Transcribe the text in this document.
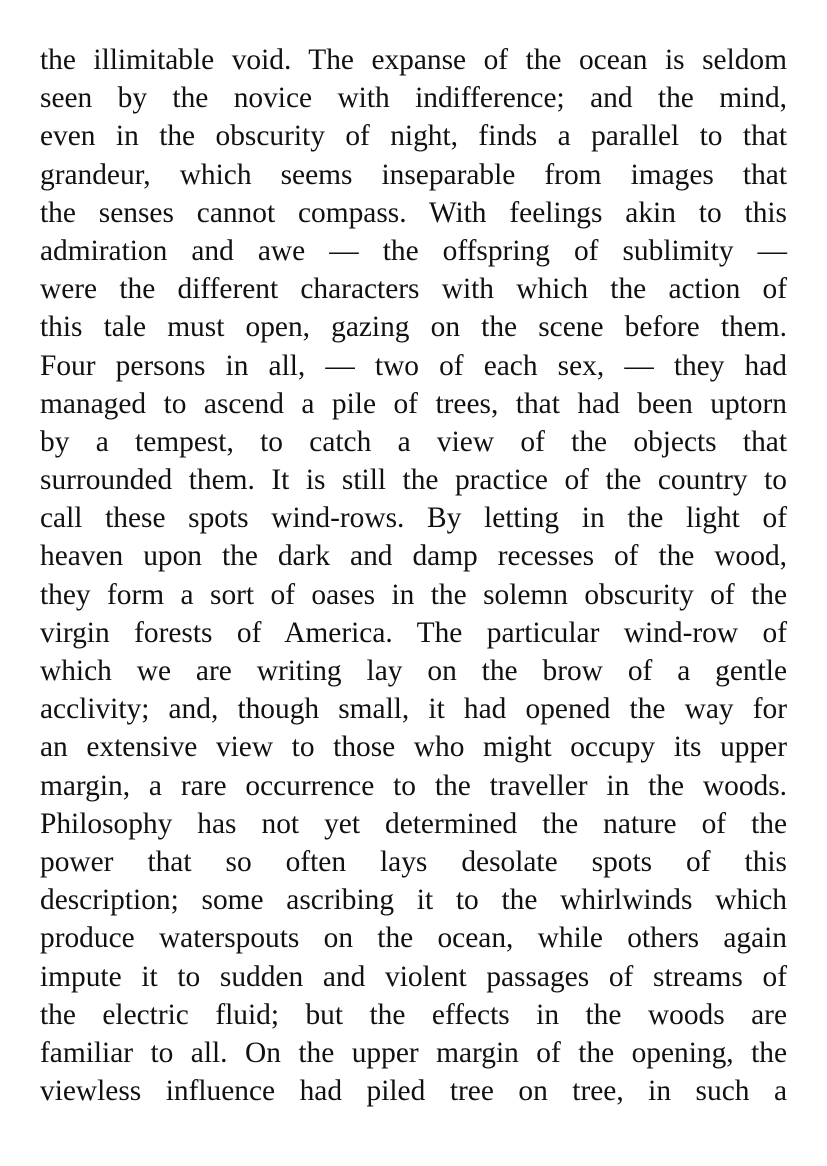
the illimitable void. The expanse of the ocean is seldom
seen by the novice with indifference; and the mind,
even in the obscurity of night, finds a parallel to that
grandeur, which seems inseparable from images that
the senses cannot compass. With feelings akin to this
admiration and awe — the offspring of sublimity —
were the different characters with which the action of
this tale must open, gazing on the scene before them.
Four persons in all, — two of each sex, — they had
managed to ascend a pile of trees, that had been uptorn
by a tempest, to catch a view of the objects that
surrounded them. It is still the practice of the country to
call these spots wind-rows. By letting in the light of
heaven upon the dark and damp recesses of the wood,
they form a sort of oases in the solemn obscurity of the
virgin forests of America. The particular wind-row of
which we are writing lay on the brow of a gentle
acclivity; and, though small, it had opened the way for
an extensive view to those who might occupy its upper
margin, a rare occurrence to the traveller in the woods.
Philosophy has not yet determined the nature of the
power that so often lays desolate spots of this
description; some ascribing it to the whirlwinds which
produce waterspouts on the ocean, while others again
impute it to sudden and violent passages of streams of
the electric fluid; but the effects in the woods are
familiar to all. On the upper margin of the opening, the
viewless influence had piled tree on tree, in such a
